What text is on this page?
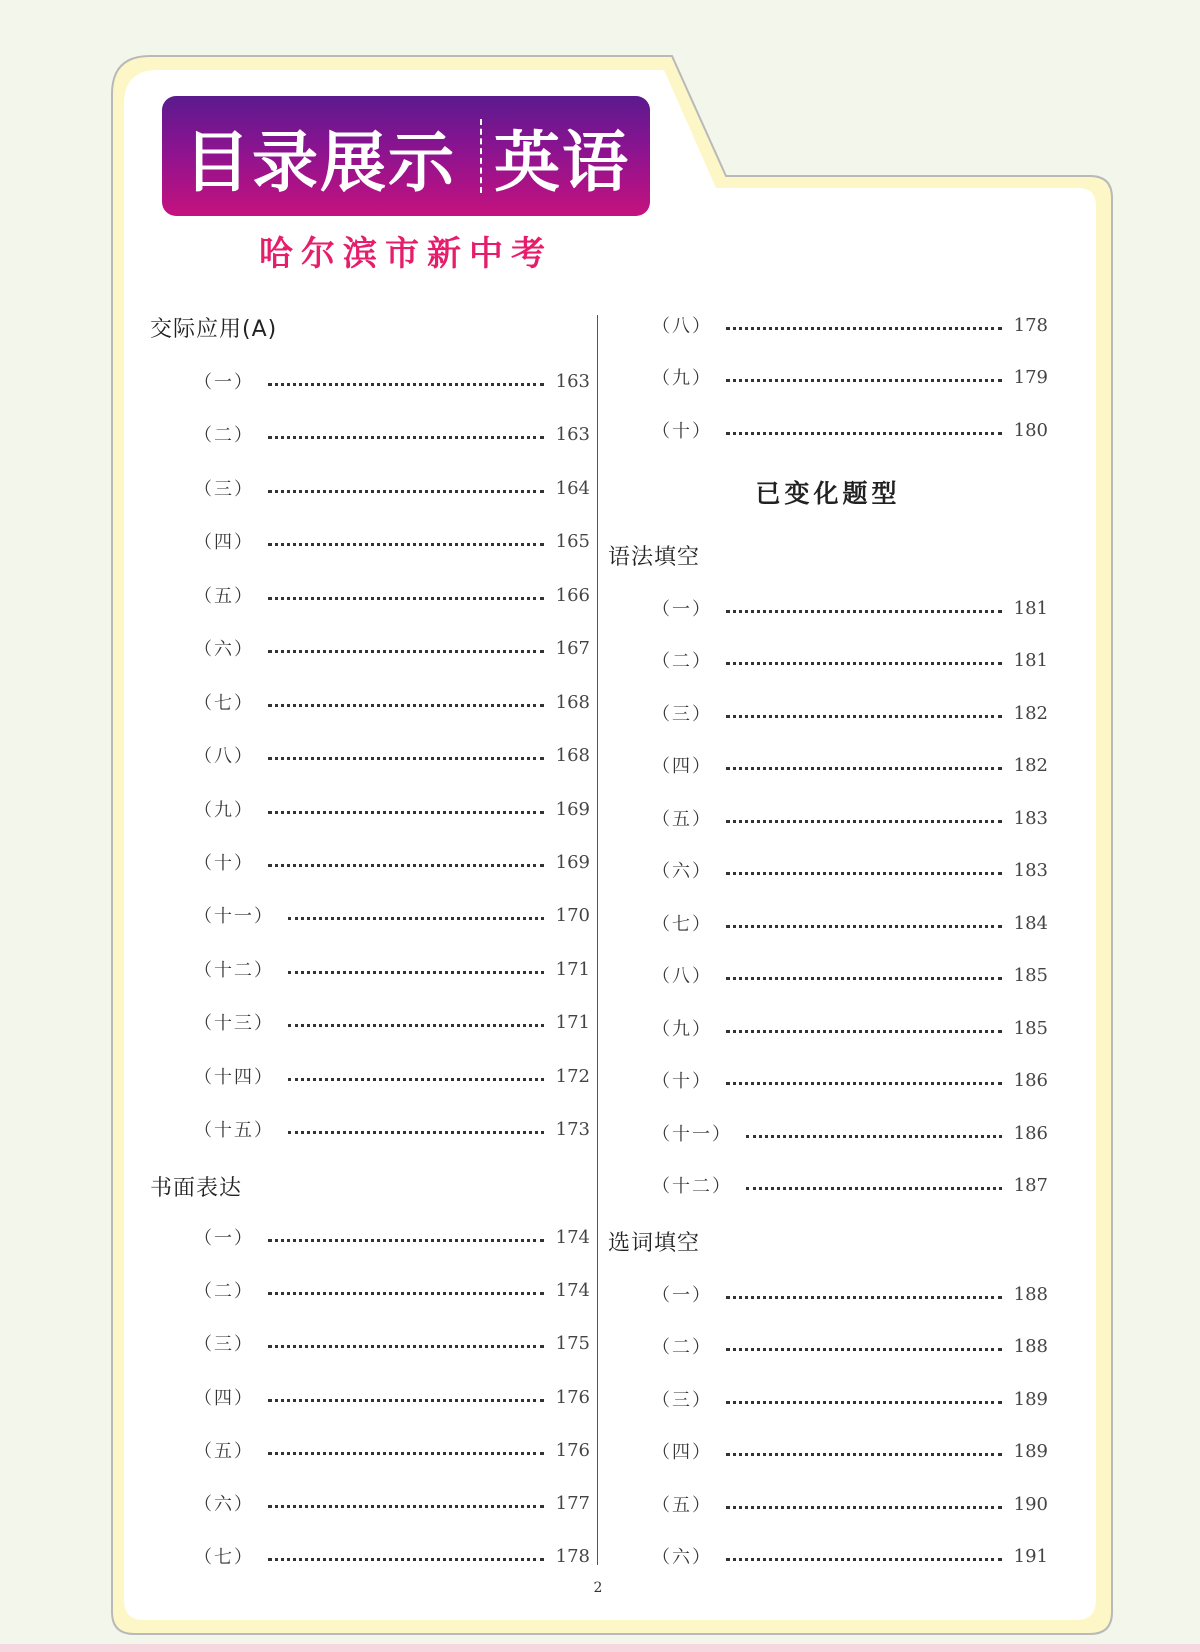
目录展示 英语
哈尔滨市新中考
交际应用(A)
（一）	163
（二）	163
（三）	164
（四）	165
（五）	166
（六）	167
（七）	168
（八）	168
（九）	169
（十）	169
（十一）	170
（十二）	171
（十三）	171
（十四）	172
（十五）	173
书面表达
（一）	174
（二）	174
（三）	175
（四）	176
（五）	176
（六）	177
（七）	178
（八）	178
（九）	179
（十）	180
已变化题型
语法填空
（一）	181
（二）	181
（三）	182
（四）	182
（五）	183
（六）	183
（七）	184
（八）	185
（九）	185
（十）	186
（十一）	186
（十二）	187
选词填空
（一）	188
（二）	188
（三）	189
（四）	189
（五）	190
（六）	191
2
